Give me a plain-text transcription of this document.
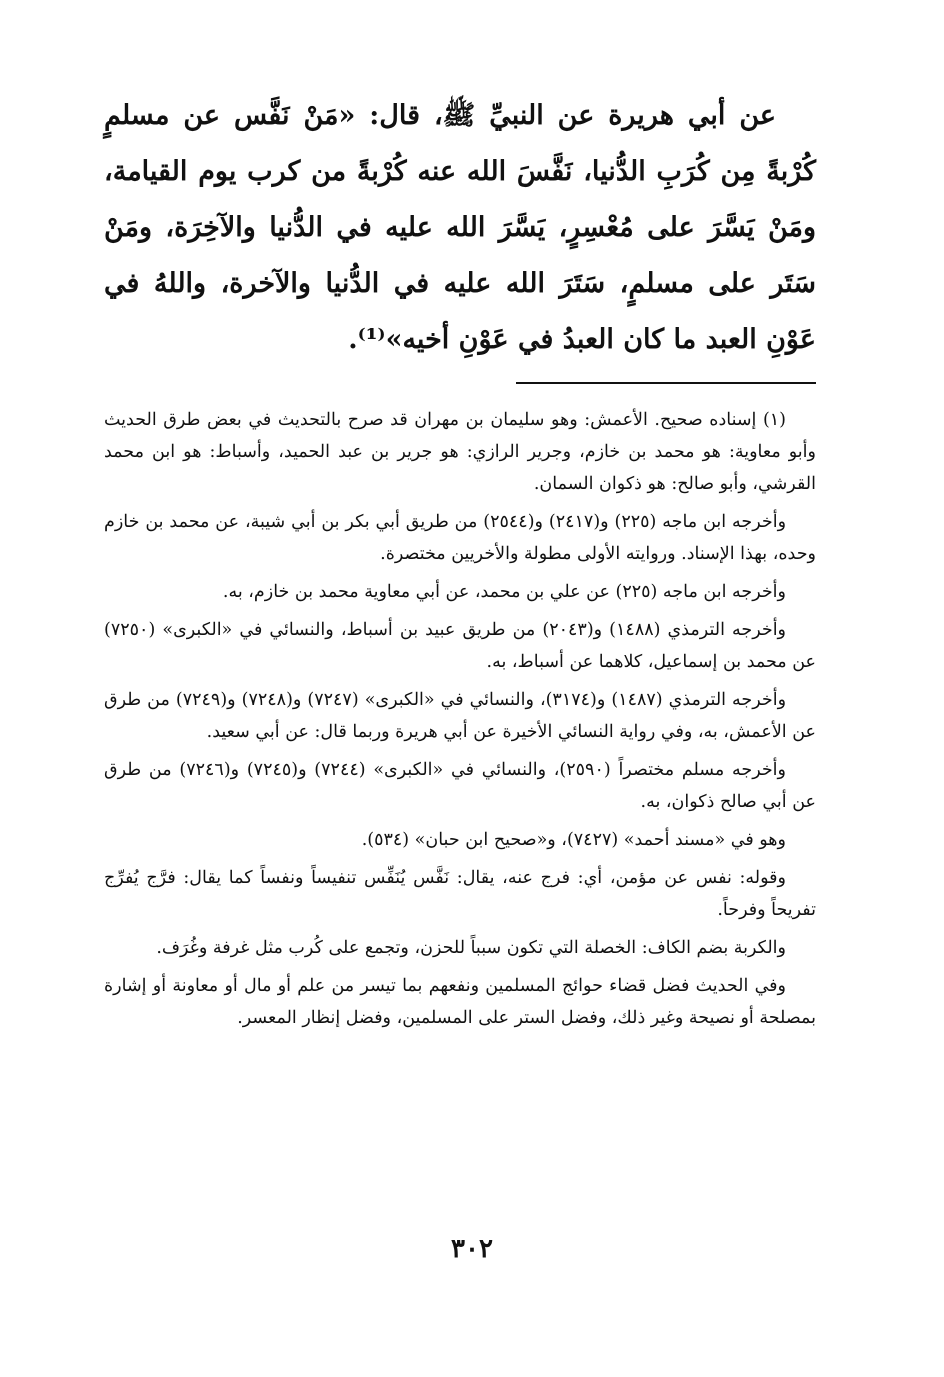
عن أبي هريرة عن النبيِّ ﷺ، قال: «مَنْ نَفَّس عن مسلمٍ كُرْبةً مِن كُرَبِ الدُّنيا، نَفَّسَ الله عنه كُرْبةً من كرب يوم القيامة، ومَنْ يَسَّرَ على مُعْسِرٍ، يَسَّرَ الله عليه في الدُّنيا والآخِرَة، ومَنْ سَتَر على مسلمٍ، سَتَرَ الله عليه في الدُّنيا والآخرة، واللهُ في عَوْنِ العبد ما كان العبدُ في عَوْنِ أخيه»⁽¹⁾.

(١) إسناده صحيح. الأعمش: وهو سليمان بن مهران قد صرح بالتحديث في بعض طرق الحديث وأبو معاوية: هو محمد بن خازم، وجرير الرازي: هو جرير بن عبد الحميد، وأسباط: هو ابن محمد القرشي، وأبو صالح: هو ذكوان السمان.

وأخرجه ابن ماجه (٢٢٥) و(٢٤١٧) و(٢٥٤٤) من طريق أبي بكر بن أبي شيبة، عن محمد بن خازم وحده، بهذا الإسناد. وروايته الأولى مطولة والأخريين مختصرة.

وأخرجه ابن ماجه (٢٢٥) عن علي بن محمد، عن أبي معاوية محمد بن خازم، به.

وأخرجه الترمذي (١٤٨٨) و(٢٠٤٣) من طريق عبيد بن أسباط، والنسائي في «الكبرى» (٧٢٥٠) عن محمد بن إسماعيل، كلاهما عن أسباط، به.

وأخرجه الترمذي (١٤٨٧) و(٣١٧٤)، والنسائي في «الكبرى» (٧٢٤٧) و(٧٢٤٨) و(٧٢٤٩) من طرق عن الأعمش، به، وفي رواية النسائي الأخيرة عن أبي هريرة وربما قال: عن أبي سعيد.

وأخرجه مسلم مختصراً (٢٥٩٠)، والنسائي في «الكبرى» (٧٢٤٤) و(٧٢٤٥) و(٧٢٤٦) من طرق عن أبي صالح ذكوان، به.

وهو في «مسند أحمد» (٧٤٢٧)، و«صحيح ابن حبان» (٥٣٤).

وقوله: نفس عن مؤمن، أي: فرج عنه، يقال: نَفَّس يُنَفِّس تنفيساً ونفساً كما يقال: فرَّج يُفرِّج تفريحاً وفرحاً.

والكربة بضم الكاف: الخصلة التي تكون سبباً للحزن، وتجمع على كُرب مثل غرفة وغُرَف.

وفي الحديث فضل قضاء حوائج المسلمين ونفعهم بما تيسر من علم أو مال أو معاونة أو إشارة بمصلحة أو نصيحة وغير ذلك، وفضل الستر على المسلمين، وفضل إنظار المعسر.

٣٠٢
